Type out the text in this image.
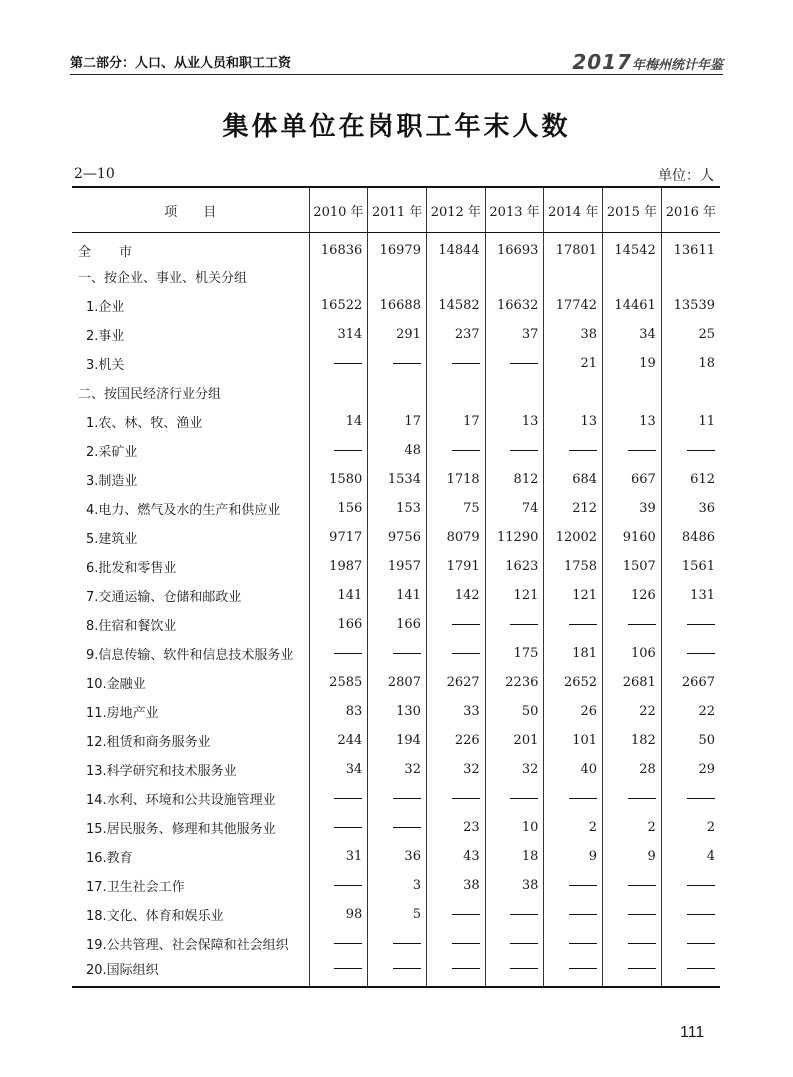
第二部分：人口、从业人员和职工工资	2017年梅州统计年鉴
集体单位在岗职工年末人数
2—10	单位：人
项　　目	2010 年	2011 年	2012 年	2013 年	2014 年	2015 年	2016 年
全市	16836	16979	14844	16693	17801	14542	13611
一、按企业、事业、机关分组							
1.企业	16522	16688	14582	16632	17742	14461	13539
2.事业	314	291	237	37	38	34	25
3.机关					21	19	18
二、按国民经济行业分组							
1.农、林、牧、渔业	14	17	17	13	13	13	11
2.采矿业		48					
3.制造业	1580	1534	1718	812	684	667	612
4.电力、燃气及水的生产和供应业	156	153	75	74	212	39	36
5.建筑业	9717	9756	8079	11290	12002	9160	8486
6.批发和零售业	1987	1957	1791	1623	1758	1507	1561
7.交通运输、仓储和邮政业	141	141	142	121	121	126	131
8.住宿和餐饮业	166	166					
9.信息传输、软件和信息技术服务业				175	181	106	
10.金融业	2585	2807	2627	2236	2652	2681	2667
11.房地产业	83	130	33	50	26	22	22
12.租赁和商务服务业	244	194	226	201	101	182	50
13.科学研究和技术服务业	34	32	32	32	40	28	29
14.水利、环境和公共设施管理业							
15.居民服务、修理和其他服务业			23	10	2	2	2
16.教育	31	36	43	18	9	9	4
17.卫生社会工作		3	38	38			
18.文化、体育和娱乐业	98	5					
19.公共管理、社会保障和社会组织							
20.国际组织							
111
